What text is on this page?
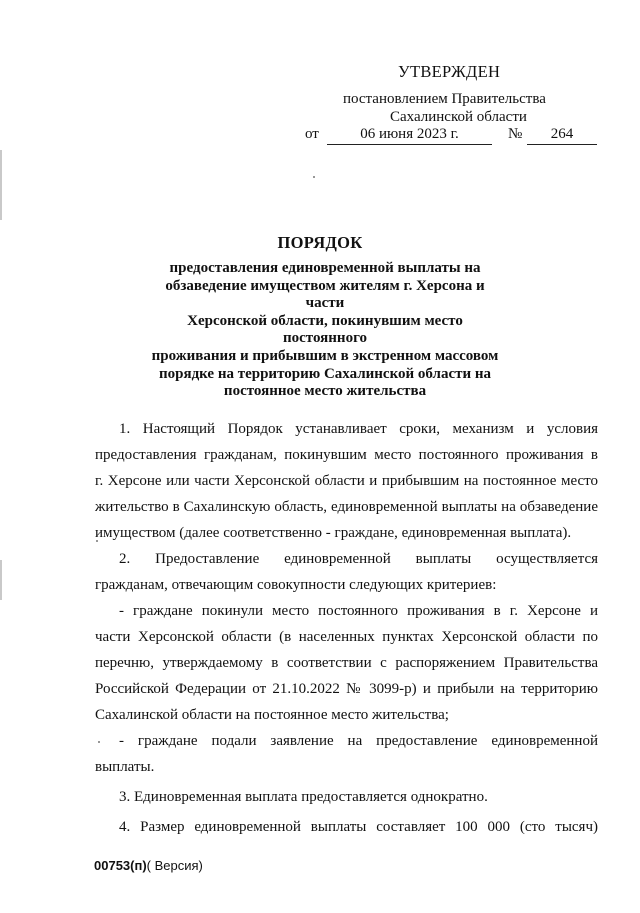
УТВЕРЖДЕН
постановлением Правительства
Сахалинской области
от	06 июня 2023 г.	№	264
ПОРЯДОК
предоставления единовременной выплаты на
обзаведение имуществом жителям г. Херсона и части
Херсонской области, покинувшим место постоянного
проживания и прибывшим в экстренном массовом
порядке на территорию Сахалинской области на
постоянное место жительства
1. Настоящий Порядок устанавливает сроки, механизм и условия
предоставления гражданам, покинувшим место постоянного проживания в
г. Херсоне или части Херсонской области и прибывшим на постоянное место
жительство в Сахалинскую область, единовременной выплаты на обзаведение
имуществом (далее соответственно - граждане, единовременная выплата).
2. Предоставление единовременной выплаты осуществляется
гражданам, отвечающим совокупности следующих критериев:
- граждане покинули место постоянного проживания в г. Херсоне и
части Херсонской области (в населенных пунктах Херсонской области по
перечню, утверждаемому в соответствии с распоряжением Правительства
Российской Федерации от 21.10.2022 № 3099-р) и прибыли на территорию
Сахалинской области на постоянное место жительства;
- граждане подали заявление на предоставление единовременной
выплаты.
3. Единовременная выплата предоставляется однократно.
4. Размер единовременной выплаты составляет 100 000 (сто тысяч)
00753(п)( Версия)
